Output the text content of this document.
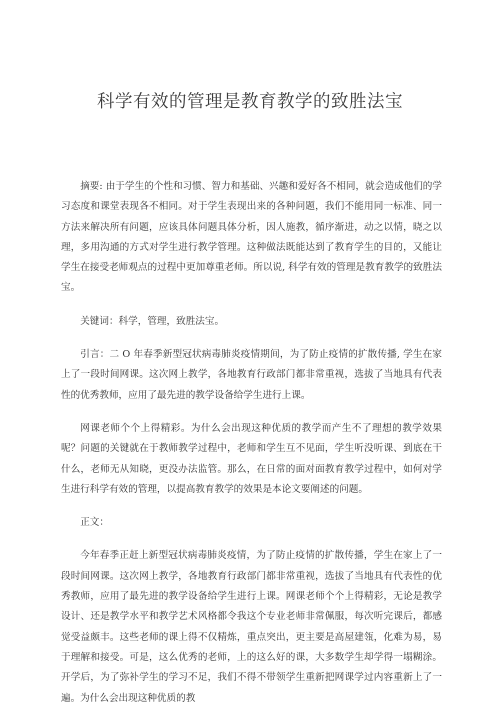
科学有效的管理是教育教学的致胜法宝

摘要: 由于学生的个性和习惯、智力和基础、兴趣和爱好各不相同，就会造成他们的学习态度和课堂表现各不相同。对于学生表现出来的各种问题，我们不能用同一标准、同一方法来解决所有问题，应该具体问题具体分析，因人施教，循序渐进，动之以情，晓之以理，多用沟通的方式对学生进行教学管理。这种做法既能达到了教育学生的目的，又能让学生在接受老师观点的过程中更加尊重老师。所以说, 科学有效的管理是教育教学的致胜法宝。

关键词：科学，管理，致胜法宝。

引言：二 O 年春季新型冠状病毒肺炎疫情期间，为了防止疫情的扩散传播, 学生在家上了一段时间网课。这次网上教学，各地教育行政部门都非常重视，选拔了当地具有代表性的优秀教师，应用了最先进的教学设备给学生进行上课。

网课老师个个上得精彩。为什么会出现这种优质的教学而产生不了理想的教学效果呢？问题的关键就在于教师教学过程中，老师和学生互不见面，学生听没听课、到底在干什么，老师无从知晓，更没办法监管。那么，在日常的面对面教育教学过程中，如何对学生进行科学有效的管理，以提高教育教学的效果是本论文要阐述的问题。

正文：

今年春季正赶上新型冠状病毒肺炎疫情，为了防止疫情的扩散传播，学生在家上了一段时间网课。这次网上教学，各地教育行政部门都非常重视，选拔了当地具有代表性的优秀教师，应用了最先进的教学设备给学生进行上课。网课老师个个上得精彩，无论是教学设计、还是教学水平和教学艺术风格都令我这个专业老师非常佩服，每次听完课后，都感觉受益颇丰。这些老师的课上得不仅精炼，重点突出，更主要是高屋建瓴，化难为易，易于理解和接受。可是，这么优秀的老师，上的这么好的课，大多数学生却学得一塌糊涂。开学后，为了弥补学生的学习不足，我们不得不带领学生重新把网课学过内容重新上了一遍。为什么会出现这种优质的教
